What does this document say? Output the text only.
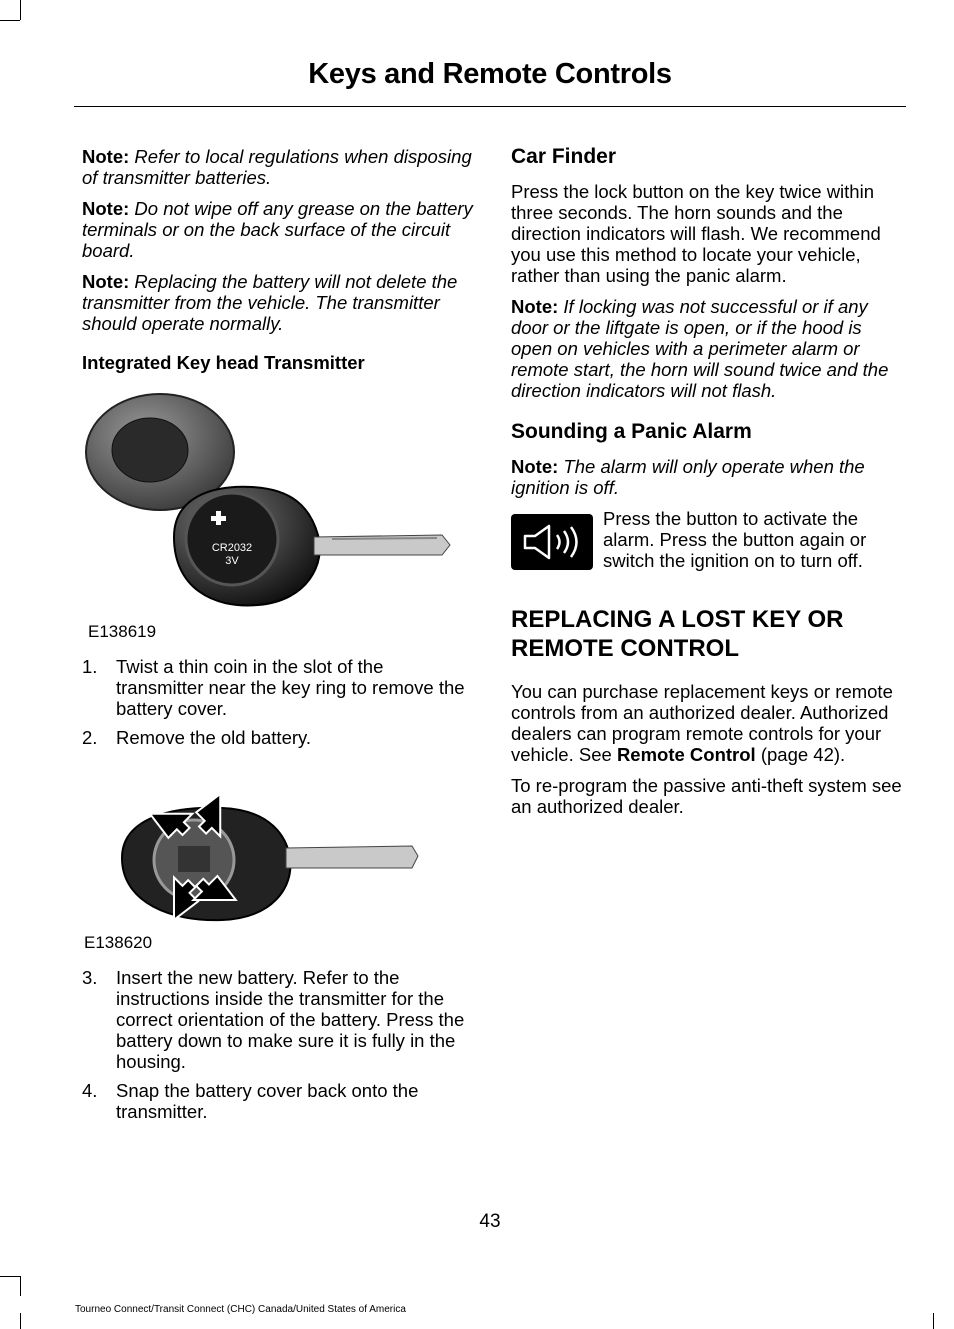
Keys and Remote Controls

Note: Refer to local regulations when disposing of transmitter batteries.

Note: Do not wipe off any grease on the battery terminals or on the back surface of the circuit board.

Note: Replacing the battery will not delete the transmitter from the vehicle. The transmitter should operate normally.

Integrated Key head Transmitter

CR2032
3V
E138619
1. Twist a thin coin in the slot of the transmitter near the key ring to remove the battery cover.
2. Remove the old battery.
E138620
3. Insert the new battery. Refer to the instructions inside the transmitter for the correct orientation of the battery. Press the battery down to make sure it is fully in the housing.
4. Snap the battery cover back onto the transmitter.
Car Finder

Press the lock button on the key twice within three seconds. The horn sounds and the direction indicators will flash. We recommend you use this method to locate your vehicle, rather than using the panic alarm.

Note: If locking was not successful or if any door or the liftgate is open, or if the hood is open on vehicles with a perimeter alarm or remote start, the horn will sound twice and the direction indicators will not flash.

Sounding a Panic Alarm

Note: The alarm will only operate when the ignition is off.

Press the button to activate the alarm. Press the button again or switch the ignition on to turn off.
REPLACING A LOST KEY OR
REMOTE CONTROL

You can purchase replacement keys or remote controls from an authorized dealer. Authorized dealers can program remote controls for your vehicle. See Remote Control (page 42).

To re-program the passive anti-theft system see an authorized dealer.

43
Tourneo Connect/Transit Connect (CHC) Canada/United States of America
